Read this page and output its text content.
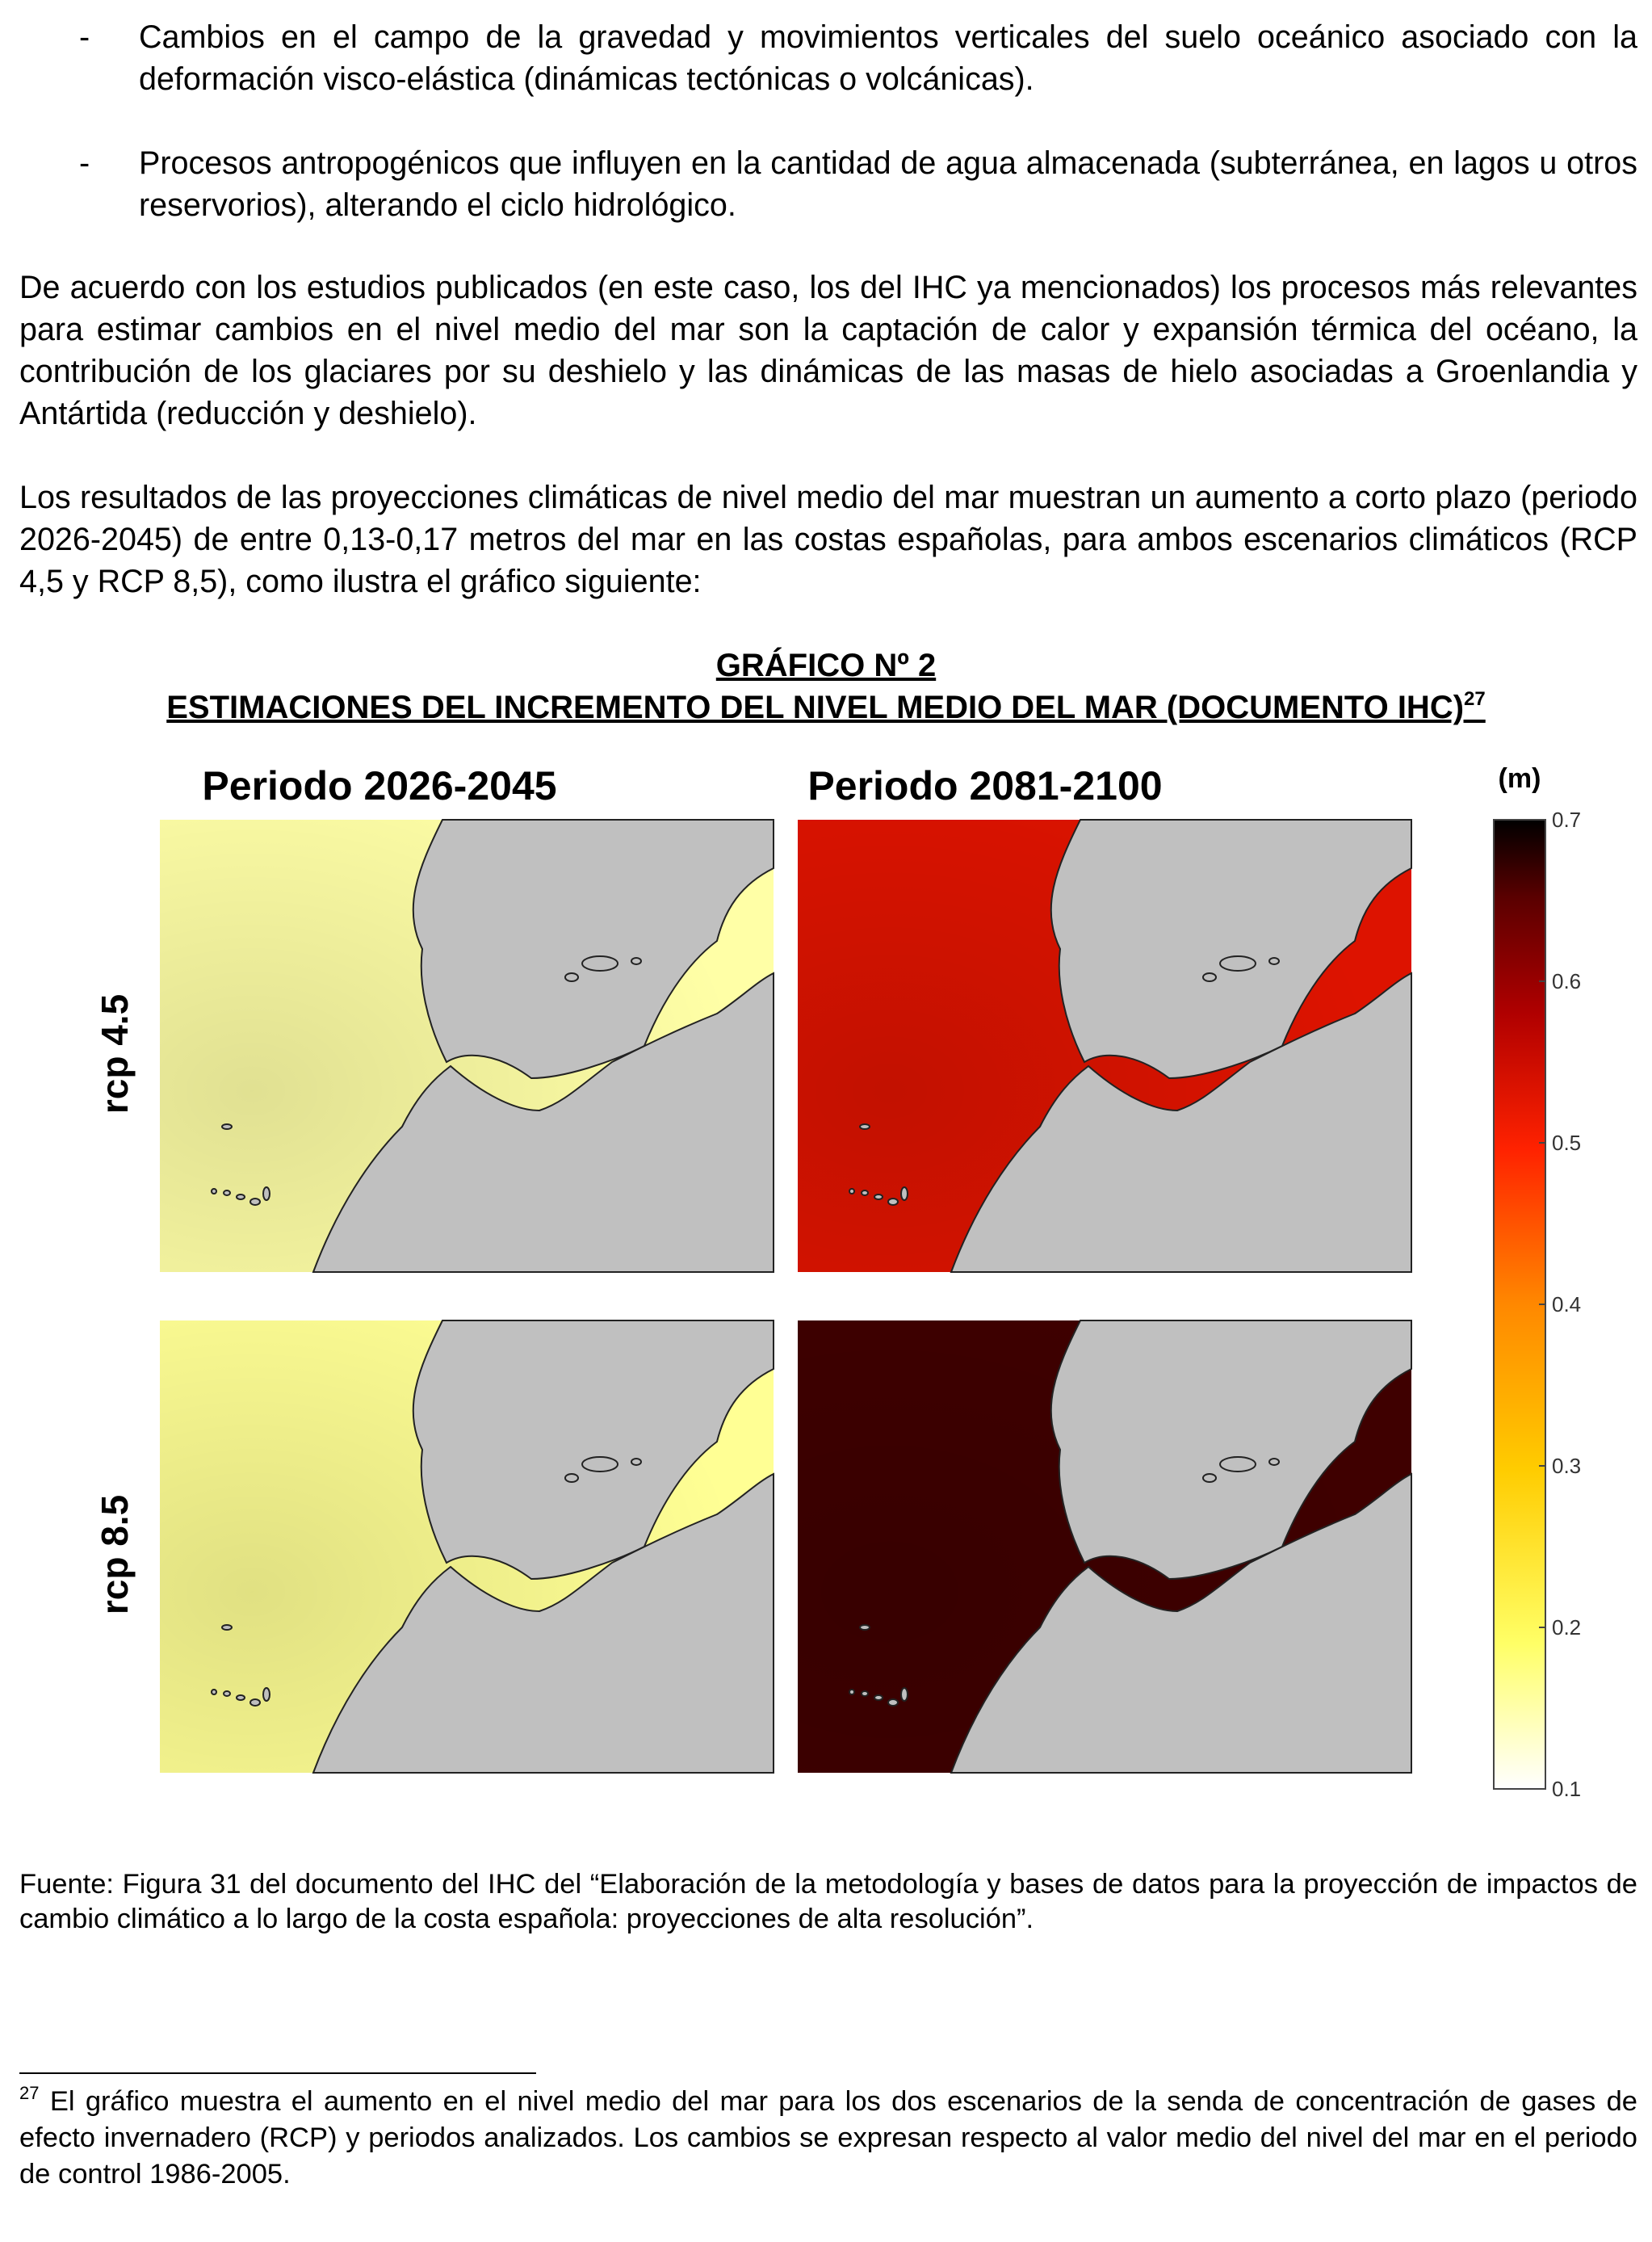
- Cambios en el campo de la gravedad y movimientos verticales del suelo oceánico asociado con la deformación visco-elástica (dinámicas tectónicas o volcánicas).
- Procesos antropogénicos que influyen en la cantidad de agua almacenada (subterránea, en lagos u otros reservorios), alterando el ciclo hidrológico.

De acuerdo con los estudios publicados (en este caso, los del IHC ya mencionados) los procesos más relevantes para estimar cambios en el nivel medio del mar son la captación de calor y expansión térmica del océano, la contribución de los glaciares por su deshielo y las dinámicas de las masas de hielo asociadas a Groenlandia y Antártida (reducción y deshielo).

Los resultados de las proyecciones climáticas de nivel medio del mar muestran un aumento a corto plazo (periodo 2026-2045) de entre 0,13-0,17 metros del mar en las costas españolas, para ambos escenarios climáticos (RCP 4,5 y RCP 8,5), como ilustra el gráfico siguiente:

GRÁFICO Nº 2
ESTIMACIONES DEL INCREMENTO DEL NIVEL MEDIO DEL MAR (DOCUMENTO IHC)$^{27}$
Periodo 2026-2045	Periodo 2081-2100
rcp 4.5
rcp 8.5
(m)
0.7
0.6
0.5
0.4
0.3
0.2
0.1

Fuente: Figura 31 del documento del IHC del “Elaboración de la metodología y bases de datos para la proyección de impactos de cambio climático a lo largo de la costa española: proyecciones de alta resolución”.

$^{27}$ El gráfico muestra el aumento en el nivel medio del mar para los dos escenarios de la senda de concentración de gases de efecto invernadero (RCP) y periodos analizados. Los cambios se expresan respecto al valor medio del nivel del mar en el periodo de control 1986-2005.
